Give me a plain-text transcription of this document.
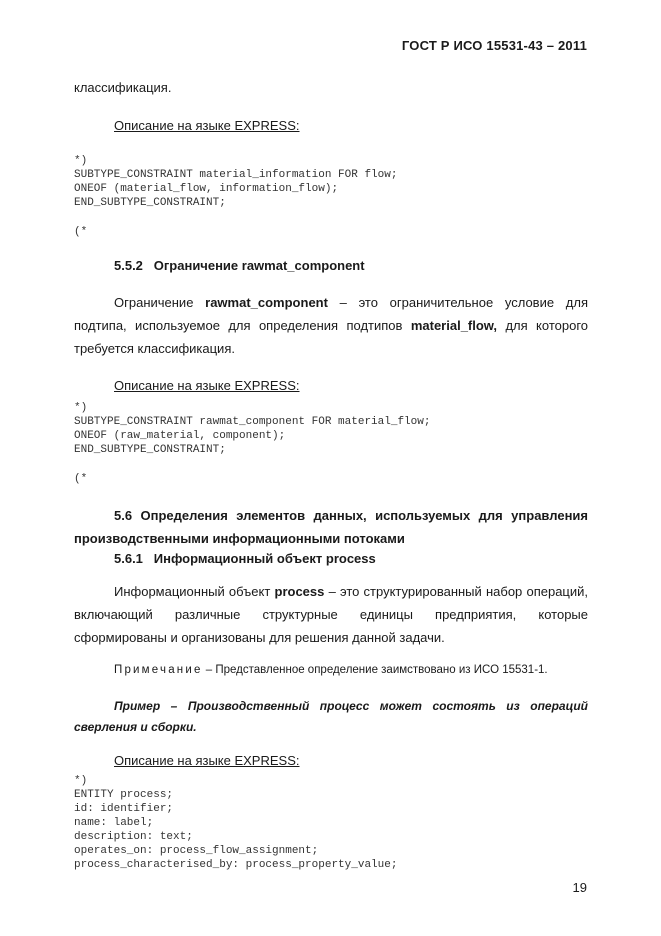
ГОСТ Р ИСО 15531-43 – 2011
классификация.
Описание на языке EXPRESS:
*)
SUBTYPE_CONSTRAINT material_information FOR flow;
ONEOF (material_flow, information_flow);
END_SUBTYPE_CONSTRAINT;
(*
5.5.2 Ограничение rawmat_component
Ограничение rawmat_component – это ограничительное условие для подтипа, используемое для определения подтипов material_flow, для которого требуется классификация.
Описание на языке EXPRESS:
*)
SUBTYPE_CONSTRAINT rawmat_component FOR material_flow;
ONEOF (raw_material, component);
END_SUBTYPE_CONSTRAINT;
(*
5.6 Определения элементов данных, используемых для управления производственными информационными потоками
5.6.1 Информационный объект process
Информационный объект process – это структурированный набор операций, включающий различные структурные единицы предприятия, которые сформированы и организованы для решения данной задачи.
Примечание – Представленное определение заимствовано из ИСО 15531-1.
Пример – Производственный процесс может состоять из операций сверления и сборки.
Описание на языке EXPRESS:
*)
ENTITY process;
id: identifier;
name: label;
description: text;
operates_on: process_flow_assignment;
process_characterised_by: process_property_value;
19
